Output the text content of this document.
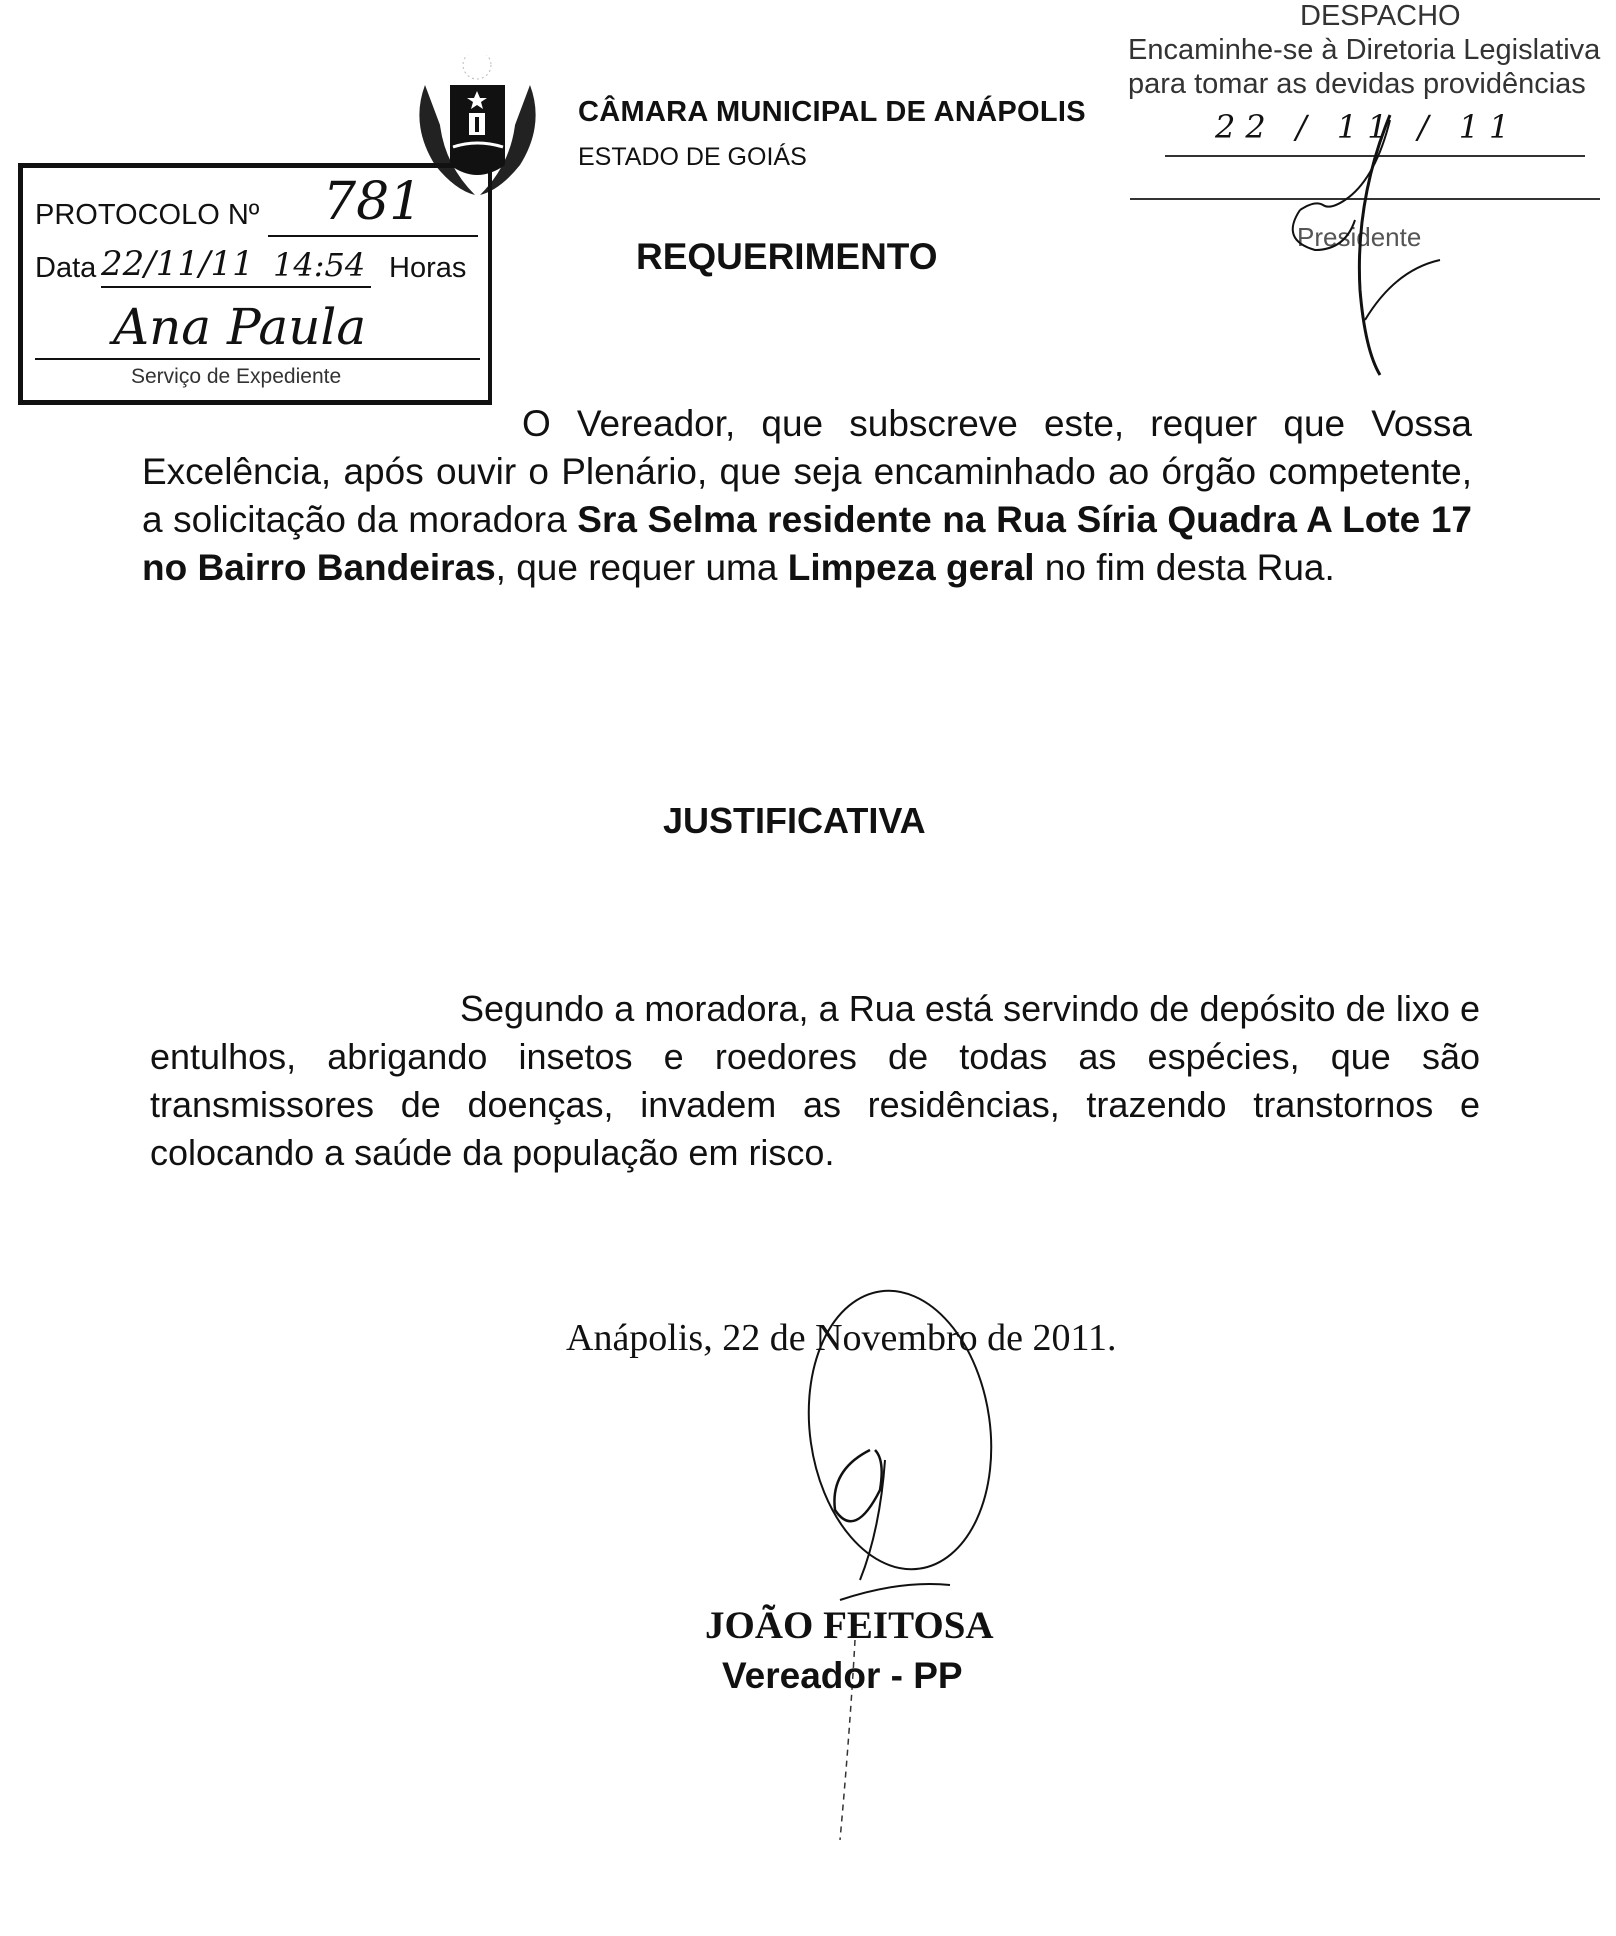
CÂMARA MUNICIPAL DE ANÁPOLIS
ESTADO DE GOIÁS
PROTOCOLO Nº 781
Data 22/11/11 14:54 Horas
Ana Paula
Serviço de Expediente
DESPACHO
Encaminhe-se à Diretoria Legislativa
para tomar as devidas providências
22 / 11 / 11
Presidente
REQUERIMENTO
O Vereador, que subscreve este, requer que Vossa Excelência, após ouvir o Plenário, que seja encaminhado ao órgão competente, a solicitação da moradora Sra Selma residente na Rua Síria Quadra A Lote 17 no Bairro Bandeiras, que requer uma Limpeza geral no fim desta Rua.
JUSTIFICATIVA
Segundo a moradora, a Rua está servindo de depósito de lixo e entulhos, abrigando insetos e roedores de todas as espécies, que são transmissores de doenças, invadem as residências, trazendo transtornos e colocando a saúde da população em risco.
Anápolis, 22 de Novembro de 2011.
JOÃO FEITOSA
Vereador - PP
